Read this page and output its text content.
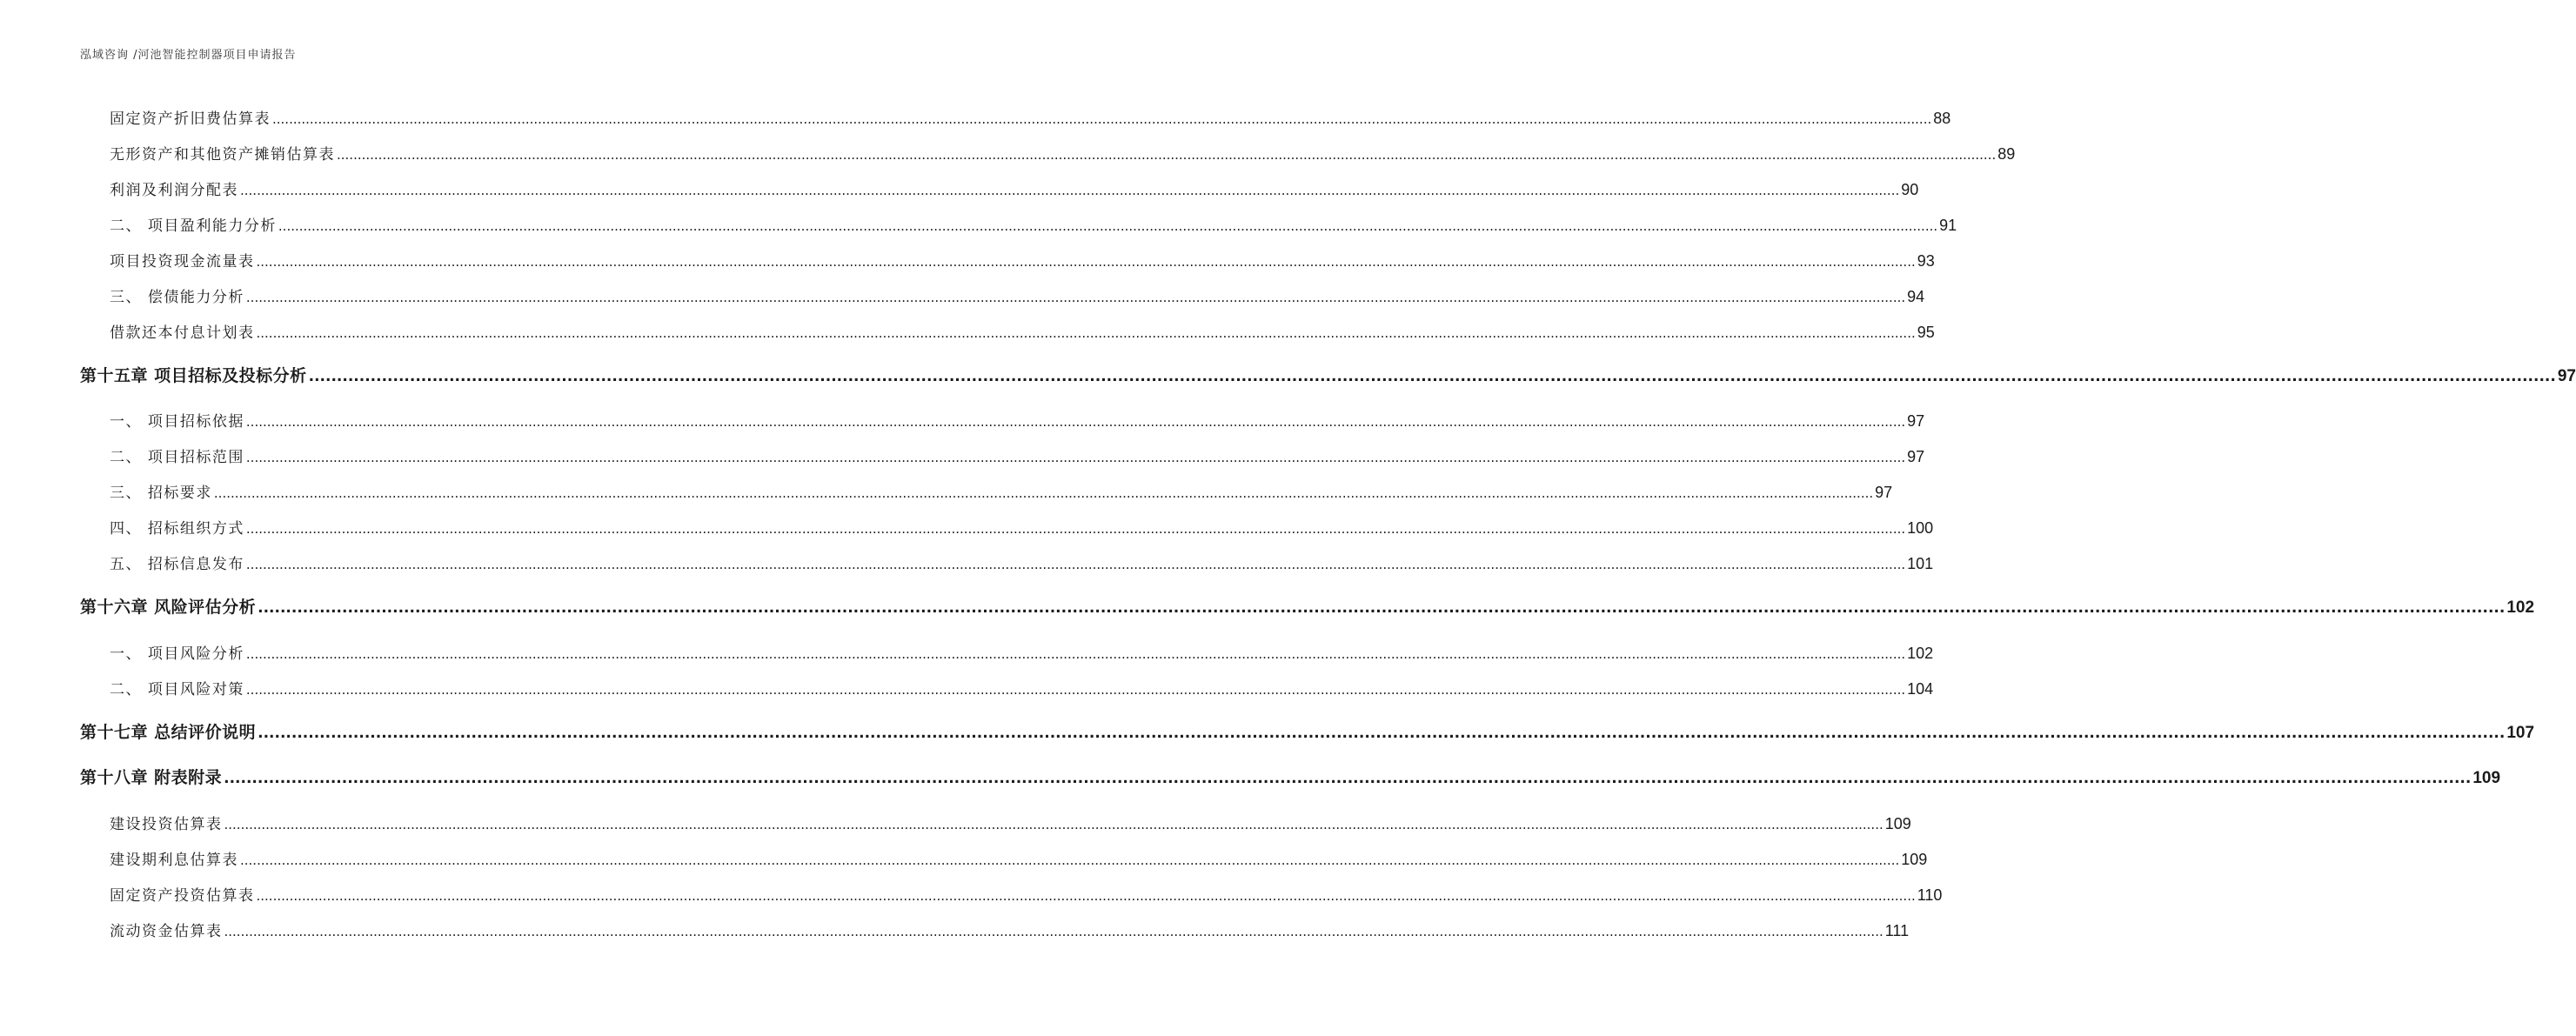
泓域咨询 /河池智能控制器项目申请报告
固定资产折旧费估算表 ................................................................................................................................................................................................................................................................................................................................................................................................................ 88
无形资产和其他资产摊销估算表 ................................................................................................................................................................................................................................................................................................................................................................................................................ 89
利润及利润分配表 ................................................................................................................................................................................................................................................................................................................................................................................................................ 90
二、 项目盈利能力分析 ................................................................................................................................................................................................................................................................................................................................................................................................................ 91
项目投资现金流量表 ................................................................................................................................................................................................................................................................................................................................................................................................................ 93
三、 偿债能力分析 ................................................................................................................................................................................................................................................................................................................................................................................................................ 94
借款还本付息计划表 ................................................................................................................................................................................................................................................................................................................................................................................................................ 95
第十五章 项目招标及投标分析 ................................................................................................................................................................................................................................................................................................................................................................................................................ 97
一、 项目招标依据 ................................................................................................................................................................................................................................................................................................................................................................................................................ 97
二、 项目招标范围 ................................................................................................................................................................................................................................................................................................................................................................................................................ 97
三、 招标要求 ................................................................................................................................................................................................................................................................................................................................................................................................................ 97
四、 招标组织方式 ................................................................................................................................................................................................................................................................................................................................................................................................................ 100
五、 招标信息发布 ................................................................................................................................................................................................................................................................................................................................................................................................................ 101
第十六章 风险评估分析 ................................................................................................................................................................................................................................................................................................................................................................................................................ 102
一、 项目风险分析 ................................................................................................................................................................................................................................................................................................................................................................................................................ 102
二、 项目风险对策 ................................................................................................................................................................................................................................................................................................................................................................................................................ 104
第十七章 总结评价说明 ................................................................................................................................................................................................................................................................................................................................................................................................................ 107
第十八章 附表附录 ................................................................................................................................................................................................................................................................................................................................................................................................................ 109
建设投资估算表 ................................................................................................................................................................................................................................................................................................................................................................................................................ 109
建设期利息估算表 ................................................................................................................................................................................................................................................................................................................................................................................................................ 109
固定资产投资估算表 ................................................................................................................................................................................................................................................................................................................................................................................................................ 110
流动资金估算表 ................................................................................................................................................................................................................................................................................................................................................................................................................ 111
